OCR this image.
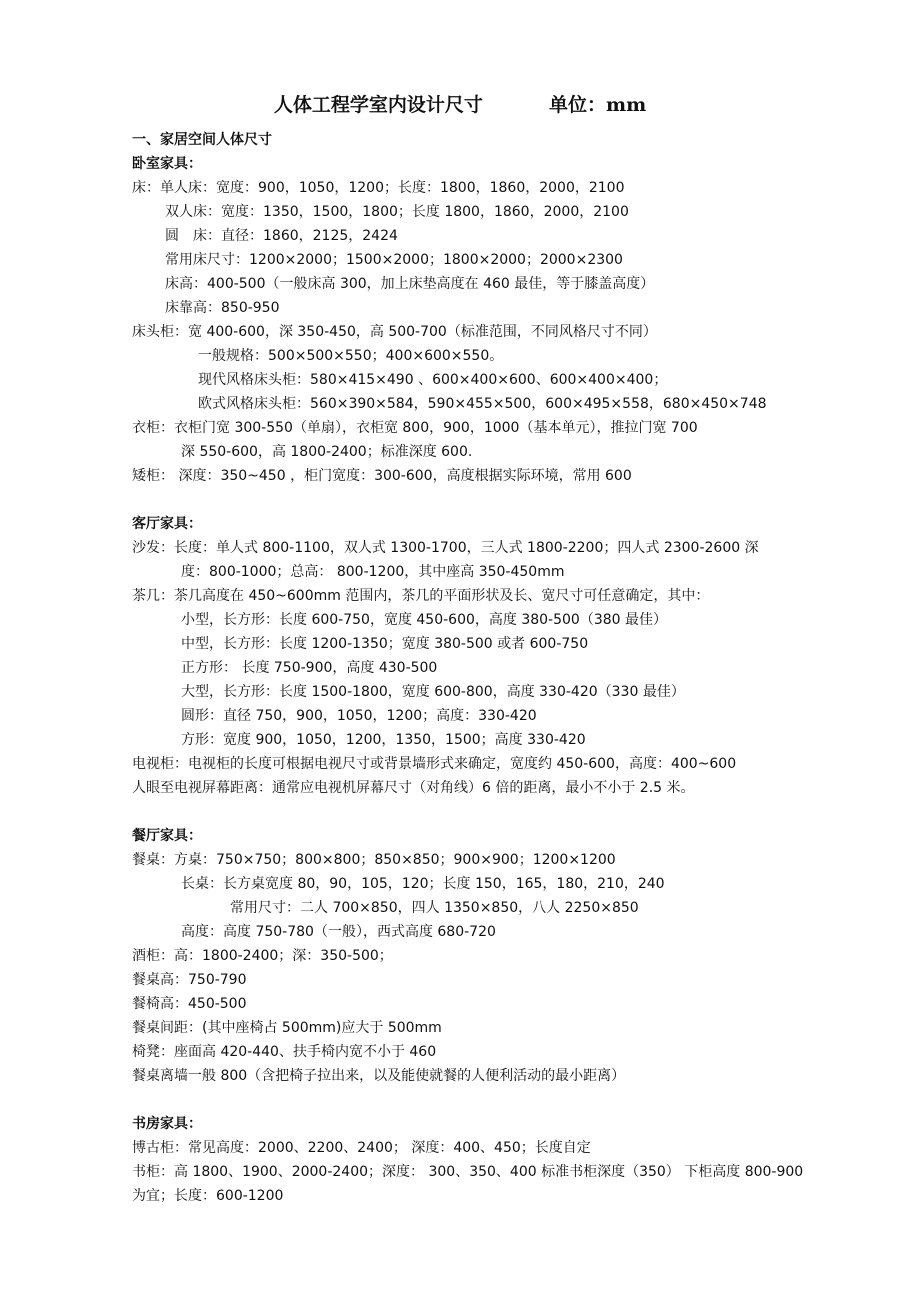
人体工程学室内设计尺寸          单位：mm
一、家居空间人体尺寸
卧室家具：
床：单人床：宽度：900，1050，1200；长度：1800，1860，2000，2100
双人床：宽度：1350，1500，1800；长度 1800，1860，2000，2100
圆　床：直径：1860，2125，2424
常用床尺寸：1200×2000；1500×2000；1800×2000；2000×2300
床高：400-500（一般床高 300，加上床垫高度在 460 最佳，等于膝盖高度）
床靠高：850-950
床头柜：宽 400-600，深 350-450，高 500-700（标准范围，不同风格尺寸不同）
一般规格：500×500×550；400×600×550。
现代风格床头柜：580×415×490 、600×400×600、600×400×400；
欧式风格床头柜：560×390×584，590×455×500，600×495×558，680×450×748
衣柜：衣柜门宽 300-550（单扇），衣柜宽 800，900，1000（基本单元），推拉门宽 700
深 550-600，高 1800-2400；标准深度 600.
矮柜： 深度：350~450 ，柜门宽度：300-600，高度根据实际环境，常用 600
客厅家具：
沙发：长度：单人式 800-1100，双人式 1300-1700，三人式 1800-2200；四人式 2300-2600 深
度：800-1000；总高： 800-1200，其中座高 350-450mm
茶几：茶几高度在 450~600mm 范围内，茶几的平面形状及长、宽尺寸可任意确定，其中：
小型，长方形：长度 600-750，宽度 450-600，高度 380-500（380 最佳）
中型，长方形：长度 1200-1350；宽度 380-500 或者 600-750
正方形： 长度 750-900，高度 430-500
大型，长方形：长度 1500-1800，宽度 600-800，高度 330-420（330 最佳）
圆形：直径 750，900，1050，1200；高度：330-420
方形：宽度 900，1050，1200，1350，1500；高度 330-420
电视柜：电视柜的长度可根据电视尺寸或背景墙形式来确定，宽度约 450-600，高度：400~600
人眼至电视屏幕距离：通常应电视机屏幕尺寸（对角线）6 倍的距离，最小不小于 2.5 米。
餐厅家具：
餐桌：方桌：750×750；800×800；850×850；900×900；1200×1200
长桌：长方桌宽度 80，90，105，120；长度 150，165，180，210，240
常用尺寸：二人 700×850，四人 1350×850，八人 2250×850
高度：高度 750-780（一般），西式高度 680-720
酒柜：高：1800-2400；深：350-500；
餐桌高：750-790
餐椅高：450-500
餐桌间距：(其中座椅占 500mm)应大于 500mm
椅凳：座面高 420-440、扶手椅内宽不小于 460
餐桌离墙一般 800（含把椅子拉出来，以及能使就餐的人便利活动的最小距离）
书房家具：
博古柜：常见高度：2000、2200、2400； 深度：400、450；长度自定
书柜：高 1800、1900、2000-2400；深度： 300、350、400 标准书柜深度（350） 下柜高度 800-900
为宜；长度：600-1200
